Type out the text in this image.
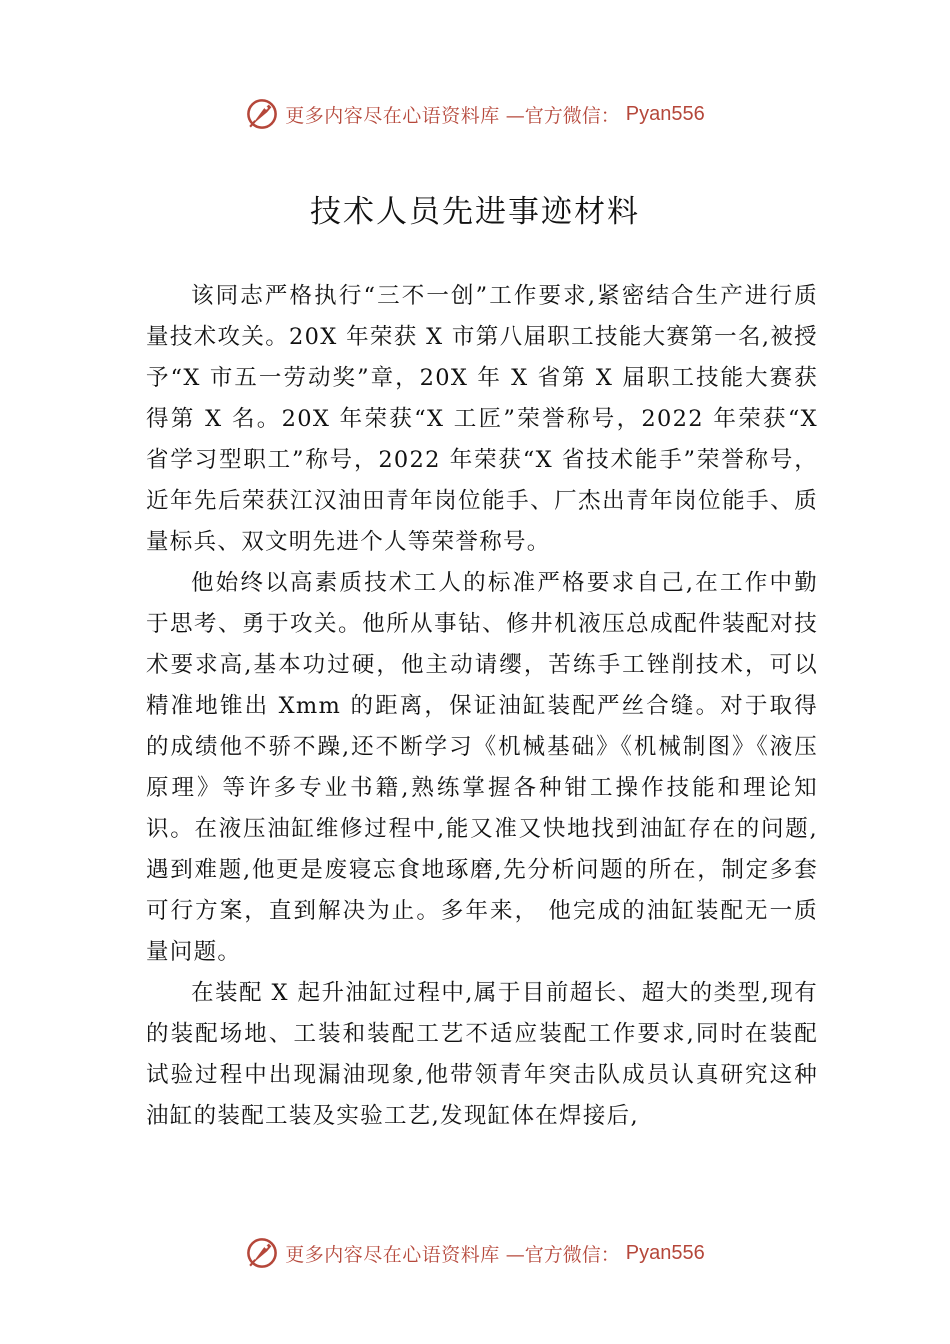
更多内容尽在心语资料库 —官方微信： Pyan556
技术人员先进事迹材料

该同志严格执行“三不一创”工作要求,紧密结合生产进行质量技术攻关。20X 年荣获 X 市第八届职工技能大赛第一名,被授予“X 市五一劳动奖”章，20X 年 X 省第 X 届职工技能大赛获得第 X 名。20X 年荣获“X 工匠”荣誉称号，2022 年荣获“X 省学习型职工”称号，2022 年荣获“X 省技术能手”荣誉称号，近年先后荣获江汉油田青年岗位能手、厂杰出青年岗位能手、质量标兵、双文明先进个人等荣誉称号。

他始终以高素质技术工人的标准严格要求自己,在工作中勤于思考、勇于攻关。他所从事钻、修井机液压总成配件装配对技术要求高,基本功过硬，他主动请缨，苦练手工锉削技术，可以精准地锥出 Xmm 的距离，保证油缸装配严丝合缝。对于取得的成绩他不骄不躁,还不断学习《机械基础》《机械制图》《液压原理》等许多专业书籍,熟练掌握各种钳工操作技能和理论知识。在液压油缸维修过程中,能又准又快地找到油缸存在的问题,遇到难题,他更是废寝忘食地琢磨,先分析问题的所在，制定多套可行方案，直到解决为止。多年来， 他完成的油缸装配无一质量问题。

在装配 X 起升油缸过程中,属于目前超长、超大的类型,现有的装配场地、工装和装配工艺不适应装配工作要求,同时在装配试验过程中出现漏油现象,他带领青年突击队成员认真研究这种油缸的装配工装及实验工艺,发现缸体在焊接后,

更多内容尽在心语资料库 —官方微信： Pyan556
